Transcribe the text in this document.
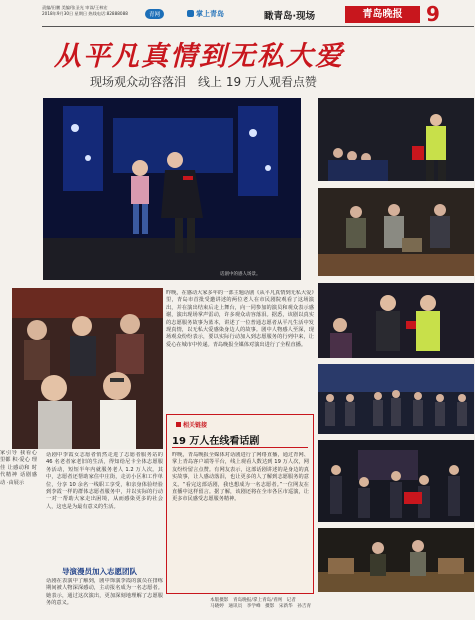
责编/田鹏 美编/张圣光 审读/王林宏
2018年9月30日 星期日 热线电话:82888088	青网	掌上青岛	瞰青岛·现场	青岛晚报	9
从平凡真情到无私大爱
现场观众动容落泪　线上 19 万人观看点赞
话剧中的感人场景。
家引导 我看心里都 积·爱心 理佳 让感动和 时代精神 话剧感动 ·由展示
话剧中李霞女志愿者悄然走进了志愿者服务站的 46 名老者家老旧的生活，得知给尼卡全体志愿服务活动，短短半年内就服务老人 1.2 万人次。其中，志愿者还帮助家住中庄街，走访小区和工作单位，分享 10 余名一线职工享受，和亲身体验经验到李霞一样的群体志愿者服务中，并以实际的行动一对一帮助大家走出困境，从而感染更多的社会人，这也是为最有意义的生活。
昨晚，在感动大家多年的一部主题话剧《从平凡真情到无私大爱》里，青岛市首批受邀讲述的两位老人在市民剧院观看了这场演出，并在演出结束后走上舞台，向一同参加的演员和观众表示感谢，演出现场掌声雷动，许多观众动容落泪。据悉，该剧以真实的志愿服务故事为蓝本，讲述了一位普通志愿者从平凡生活中发现真情，以无私大爱感染身边人的故事。剧中人物感人至深，现场观众纷纷表示，要以实际行动加入到志愿服务的行列中来，让爱心在城市中传递。青岛晚报全媒体对演出进行了全程直播。
导演漫员加入志愿团队
话剧在表演中了解到，剧中饰演李霞的演员在排练期间被人物深深感动，主动报名成为一名志愿者。她表示，通过这次演出，更加深刻地理解了志愿服务的意义。
相关链接
19 万人在线看话剧
昨晚，青岛晚报全媒体对话剧进行了网络直播，通过青网、掌上青岛客户端等平台，线上观看人数达到 19 万人次，网友纷纷留言点赞。有网友表示，这部话剧讲述的是身边的真实故事，让人感动落泪，也让更多的人了解到志愿服务的意义。“看完这部话剧，我也想成为一名志愿者。”一位网友在直播中这样留言。据了解，该剧还将在全市各区市巡演，让更多市民感受志愿服务精神。
本版摄影　青岛晚报/掌上青岛/青网　记者
马晓婷　通讯员　李学峰　摄影　宋新华　孙吉青
